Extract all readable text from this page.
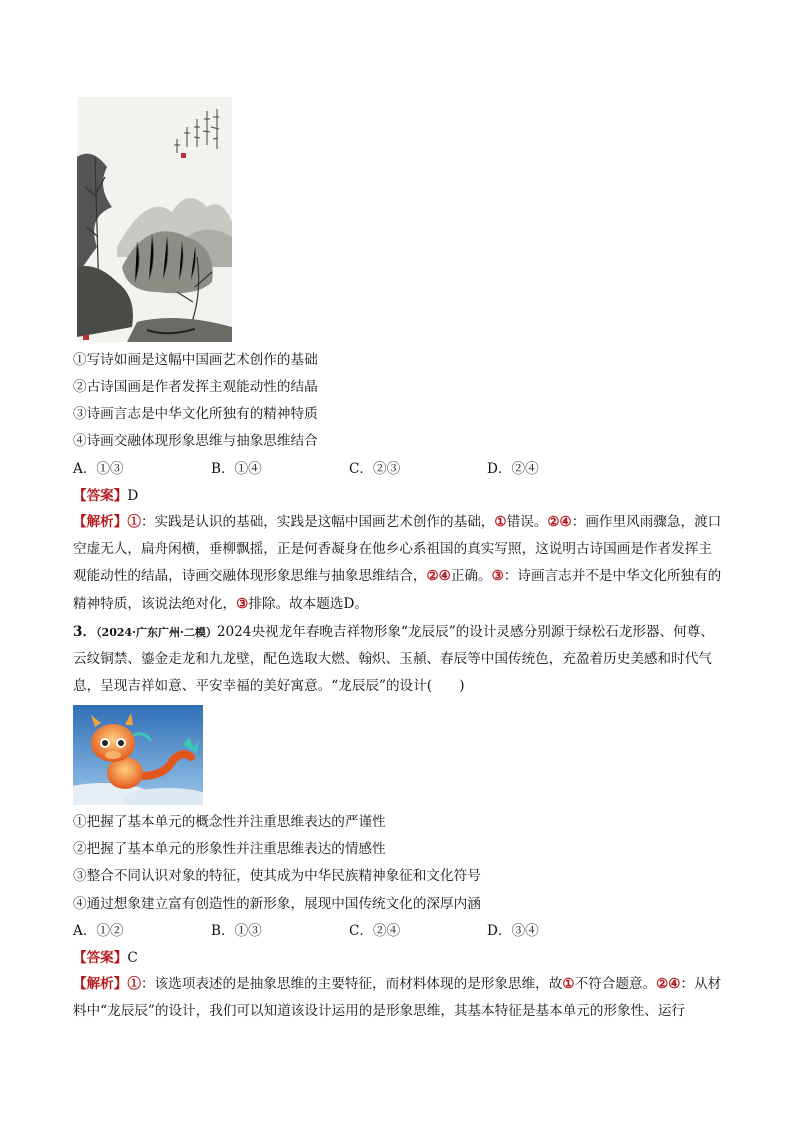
①写诗如画是这幅中国画艺术创作的基础
②古诗国画是作者发挥主观能动性的结晶
③诗画言志是中华文化所独有的精神特质
④诗画交融体现形象思维与抽象思维结合
A．①③	B．①④	C．②③	D．②④
【答案】D
【解析】①：实践是认识的基础，实践是这幅中国画艺术创作的基础，①错误。②④：画作里风雨骤急，渡口空虚无人，扁舟闲横，垂柳飘摇，正是何香凝身在他乡心系祖国的真实写照，这说明古诗国画是作者发挥主观能动性的结晶，诗画交融体现形象思维与抽象思维结合，②④正确。③：诗画言志并不是中华文化所独有的精神特质，该说法绝对化，③排除。故本题选D。
3．（2024·广东广州·二模）2024央视龙年春晚吉祥物形象“龙辰辰”的设计灵感分别源于绿松石龙形器、何尊、云纹铜禁、鎏金走龙和九龙壁，配色选取大燃、翰炽、玉頳、春辰等中国传统色，充盈着历史美感和时代气息，呈现吉祥如意、平安幸福的美好寓意。“龙辰辰”的设计(　　)
①把握了基本单元的概念性并注重思维表达的严谨性
②把握了基本单元的形象性并注重思维表达的情感性
③整合不同认识对象的特征，使其成为中华民族精神象征和文化符号
④通过想象建立富有创造性的新形象，展现中国传统文化的深厚内涵
A．①②	B．①③	C．②④	D．③④
【答案】C
【解析】①：该选项表述的是抽象思维的主要特征，而材料体现的是形象思维，故①不符合题意。②④：从材料中“龙辰辰”的设计，我们可以知道该设计运用的是形象思维，其基本特征是基本单元的形象性、运行
